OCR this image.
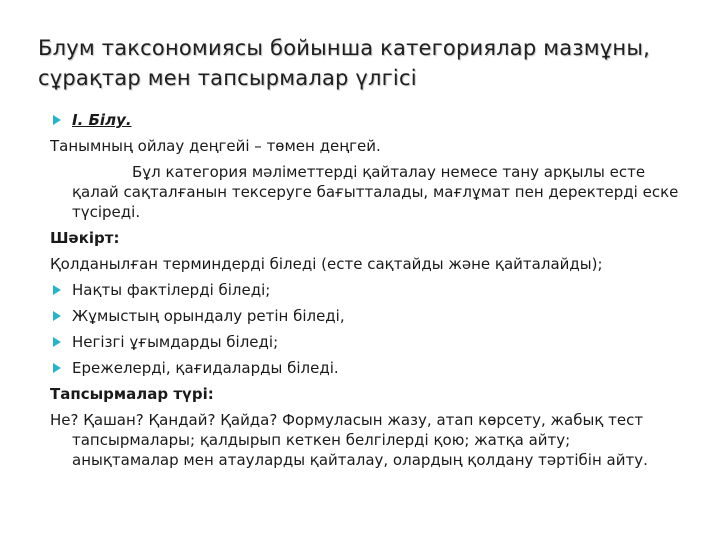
Блум таксономиясы бойынша категориялар мазмұны,
сұрақтар мен тапсырмалар үлгісі
І. Білу.
Танымның ойлау деңгейі – төмен деңгей.
Бұл категория мәліметтерді қайталау немесе тану арқылы есте қалай сақталғанын тексеруге бағытталады, мағлұмат пен деректерді еске түсіреді.
Шәкірт:
Қолданылған терминдерді біледі (есте сақтайды және қайталайды);
Нақты фактілерді біледі;
Жұмыстың орындалу ретін біледі,
Негізгі ұғымдарды біледі;
Ережелерді, қағидаларды біледі.
Тапсырмалар түрі:
Не? Қашан? Қандай? Қайда? Формуласын жазу, атап көрсету, жабық тест тапсырмалары; қалдырып кеткен белгілерді қою; жатқа айту; анықтамалар мен атауларды қайталау, олардың қолдану тәртібін айту.
